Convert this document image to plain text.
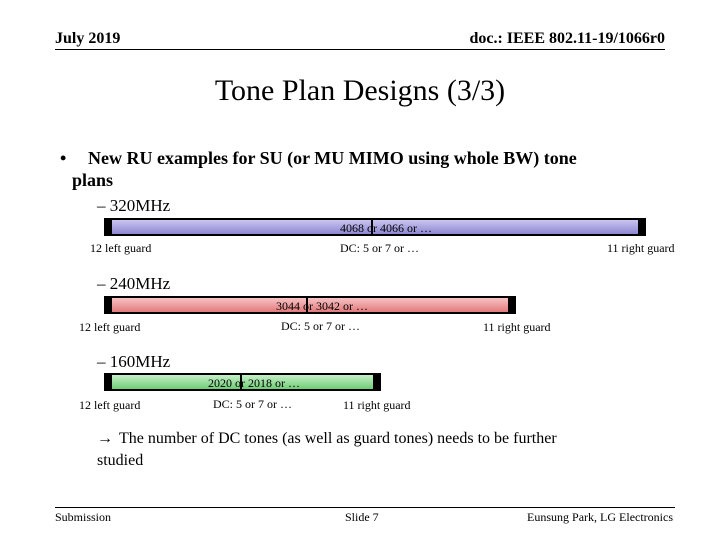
July 2019	doc.: IEEE 802.11-19/1066r0
Tone Plan Designs (3/3)
• New RU examples for SU (or MU MIMO using whole BW) tone
plans
– 320MHz
4068 or 4066 or …
12 left guard	DC: 5 or 7 or …	11 right guard
– 240MHz
3044 or 3042 or …
12 left guard	DC: 5 or 7 or …	11 right guard
– 160MHz
2020 or 2018 or …
12 left guard	DC: 5 or 7 or …	11 right guard
→ The number of DC tones (as well as guard tones) needs to be further
studied
Submission	Slide 7	Eunsung Park, LG Electronics
